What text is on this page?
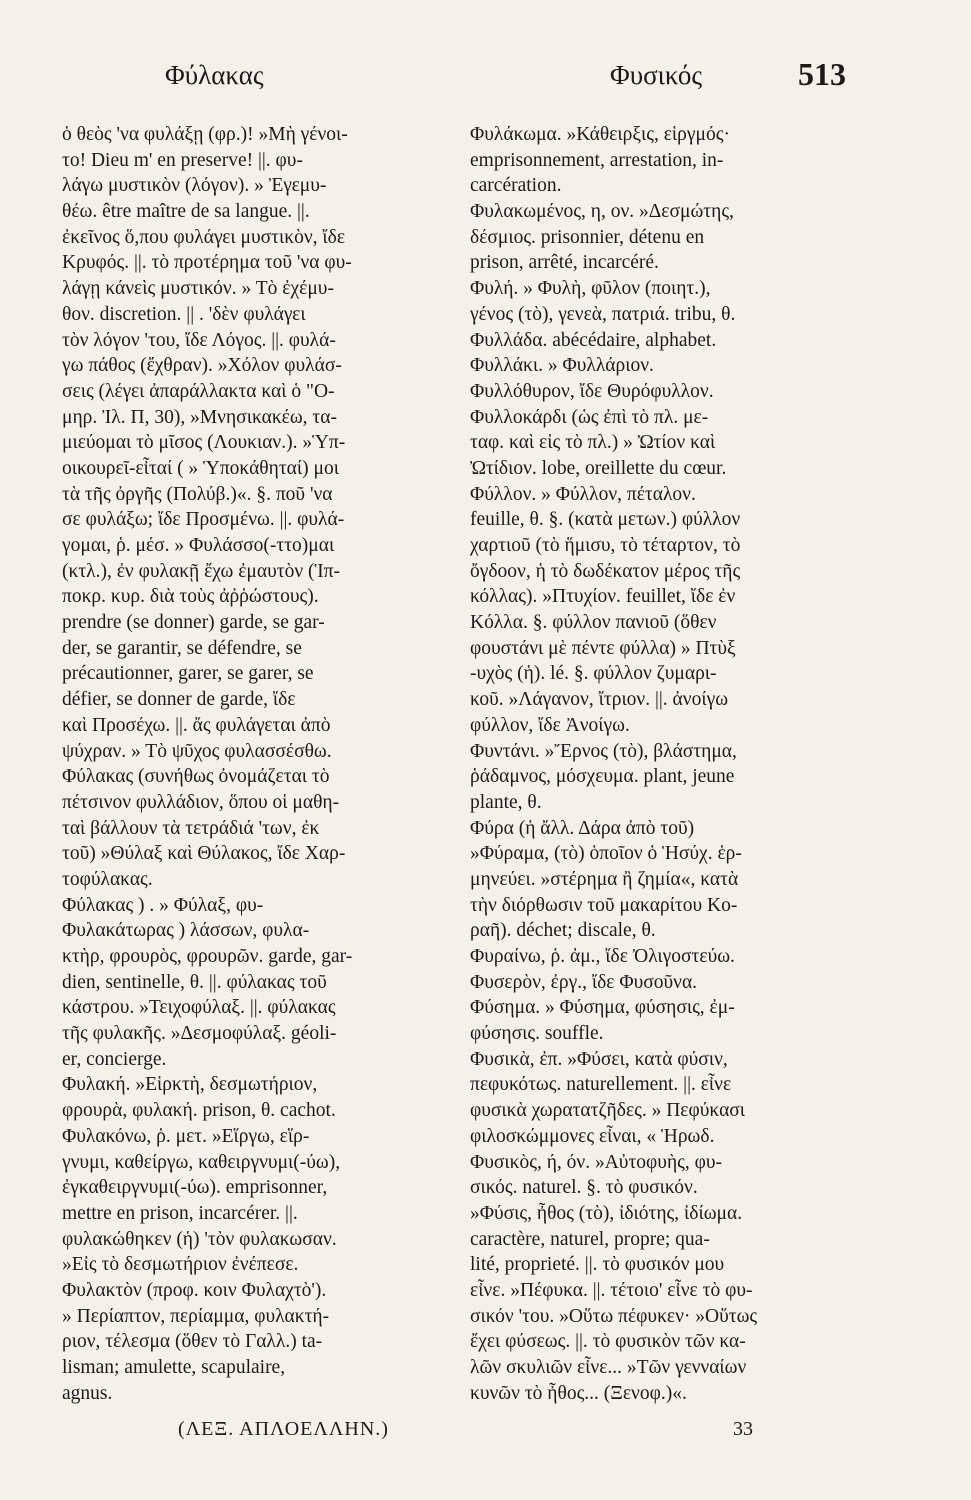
Φύλακας	Φυσικός	513
ὁ θεὸς 'να φυλάξῃ (φρ.)! »Μὴ γένοι-
το! Dieu m' en preserve! ||. φυ-
λάγω μυστικὸν (λόγον). » Ἐγεμυ-
θέω. être maître de sa langue. ||.
ἐκεῖνος ὅ,που φυλάγει μυστικὸν, ἴδε
Κρυφός. ||. τὸ προτέρημα τοῦ 'να φυ-
λάγῃ κάνεὶς μυστικόν. » Τὸ ἐχέμυ-
θον. discretion. || . 'δὲν φυλάγει
τὸν λόγον 'του, ἴδε Λόγος. ||. φυλά-
γω πάθος (ἔχθραν). »Χόλον φυλάσ-
σεις (λέγει ἀπαράλλακτα καὶ ὁ "Ο-
μηρ. Ἰλ. Π, 30), »Μνησικακέω, τα-
μιεύομαι τὸ μῖσος (Λουκιαν.). »Ὑπ-
οικουρεῖ-εἶταί ( » Ὑποκάθηταί) μοι
τὰ τῆς ὀργῆς (Πολύβ.)«. §. ποῦ 'να
σε φυλάξω; ἴδε Προσμένω. ||. φυλά-
γομαι, ῥ. μέσ. » Φυλάσσο(-ττο)μαι
(κτλ.), ἐν φυλακῇ ἔχω ἐμαυτὸν (Ἱπ-
ποκρ. κυρ. διὰ τοὺς ἀῤῥώστους).
prendre (se donner) garde, se gar-
der, se garantir, se défendre, se
précautionner, garer, se garer, se
défier, se donner de garde, ἴδε
καὶ Προσέχω. ||. ἄς φυλάγεται ἀπὸ
ψύχραν. » Τὸ ψῦχος φυλασσέσθω.
Φύλακας (συνήθως ὀνομάζεται τὸ
πέτσινον φυλλάδιον, ὅπου οἱ μαθη-
ταὶ βάλλουν τὰ τετράδιά 'των, ἐκ
τοῦ) »Θύλαξ καὶ Θύλακος, ἴδε Χαρ-
τοφύλακας.
Φύλακας ) . » Φύλαξ, φυ-
Φυλακάτωρας ) λάσσων, φυλα-
κτὴρ, φρουρὸς, φρουρῶν. garde, gar-
dien, sentinelle, θ. ||. φύλακας τοῦ
κάστρου. »Τειχοφύλαξ. ||. φύλακας
τῆς φυλακῆς. »Δεσμοφύλαξ. géoli-
er, concierge.
Φυλακή. »Εἱρκτὴ, δεσμωτήριον,
φρουρὰ, φυλακή. prison, θ. cachot.
Φυλακόνω, ῥ. μετ. »Εἵργω, εἵρ-
γνυμι, καθείργω, καθειργνυμι(-ύω),
ἐγκαθειργνυμι(-ύω). emprisonner,
mettre en prison, incarcérer. ||.
φυλακώθηκεν (ἡ) 'τὸν φυλακωσαν.
»Εἰς τὸ δεσμωτήριον ἐνέπεσε.
Φυλακτὸν (προφ. κοιν Φυλαχτὸ').
» Περίαπτον, περίαμμα, φυλακτή-
ριον, τέλεσμα (ὅθεν τὸ Γαλλ.) ta-
lisman; amulette, scapulaire,
agnus.
Φυλάκωμα. »Κάθειρξις, εἱργμός·
emprisonnement, arrestation, in-
carcération.
Φυλακωμένος, η, ον. »Δεσμώτης,
δέσμιος. prisonnier, détenu en
prison, arrêté, incarcéré.
Φυλή. » Φυλὴ, φῦλον (ποιητ.),
γένος (τὸ), γενεὰ, πατριά. tribu, θ.
Φυλλάδα. abécédaire, alphabet.
Φυλλάκι. » Φυλλάριον.
Φυλλόθυρον, ἴδε Θυρόφυλλον.
Φυλλοκάρδι (ὡς ἐπὶ τὸ πλ. με-
ταφ. καὶ εἰς τὸ πλ.) » Ὠτίον καὶ
Ὠτίδιον. lobe, oreillette du cœur.
Φύλλον. » Φύλλον, πέταλον.
feuille, θ. §. (κατὰ μετων.) φύλλον
χαρτιοῦ (τὸ ἥμισυ, τὸ τέταρτον, τὸ
ὄγδοον, ἡ τὸ δωδέκατον μέρος τῆς
κόλλας). »Πτυχίον. feuillet, ἴδε ἐν
Κόλλα. §. φύλλον πανιοῦ (ὅθεν
φουστάνι μὲ πέντε φύλλα) » Πτὺξ
-υχὸς (ἡ). lé. §. φύλλον ζυμαρι-
κοῦ. »Λάγανον, ἴτριον. ||. ἀνοίγω
φύλλον, ἴδε Ἀνοίγω.
Φυντάνι. »Ἔρνος (τὸ), βλάστημα,
ῥάδαμνος, μόσχευμα. plant, jeune
plante, θ.
Φύρα (ἡ ἄλλ. Δάρα ἀπὸ τοῦ)
»Φύραμα, (τὸ) ὁποῖον ὁ Ἡσύχ. ἑρ-
μηνεύει. »στέρημα ἢ ζημία«, κατὰ
τὴν διόρθωσιν τοῦ μακαρίτου Κο-
ραῆ). déchet; discale, θ.
Φυραίνω, ῥ. ἀμ., ἴδε Ὀλιγοστεύω.
Φυσερὸν, ἐργ., ἴδε Φυσοῦνα.
Φύσημα. » Φύσημα, φύσησις, ἐμ-
φύσησις. souffle.
Φυσικὰ, ἐπ. »Φύσει, κατὰ φύσιν,
πεφυκότως. naturellement. ||. εἶνε
φυσικὰ χωρατατζῆδες. » Πεφύκασι
φιλοσκώμμονες εἶναι, « Ἡρωδ.
Φυσικὸς, ή, όν. »Αὐτοφυὴς, φυ-
σικός. naturel. §. τὸ φυσικόν.
»Φύσις, ἦθος (τὸ), ἰδιότης, ἰδίωμα.
caractère, naturel, propre; qua-
lité, proprieté. ||. τὸ φυσικόν μου
εἶνε. »Πέφυκα. ||. τέτοιο' εἶνε τὸ φυ-
σικόν 'του. »Οὕτω πέφυκεν· »Οὕτως
ἔχει φύσεως. ||. τὸ φυσικὸν τῶν κα-
λῶν σκυλιῶν εἶνε... »Τῶν γενναίων
κυνῶν τὸ ἦθος... (Ξενοφ.)«.
(ΛΕΞ. ΑΠΛΟΕΛΛΗΝ.)	33
